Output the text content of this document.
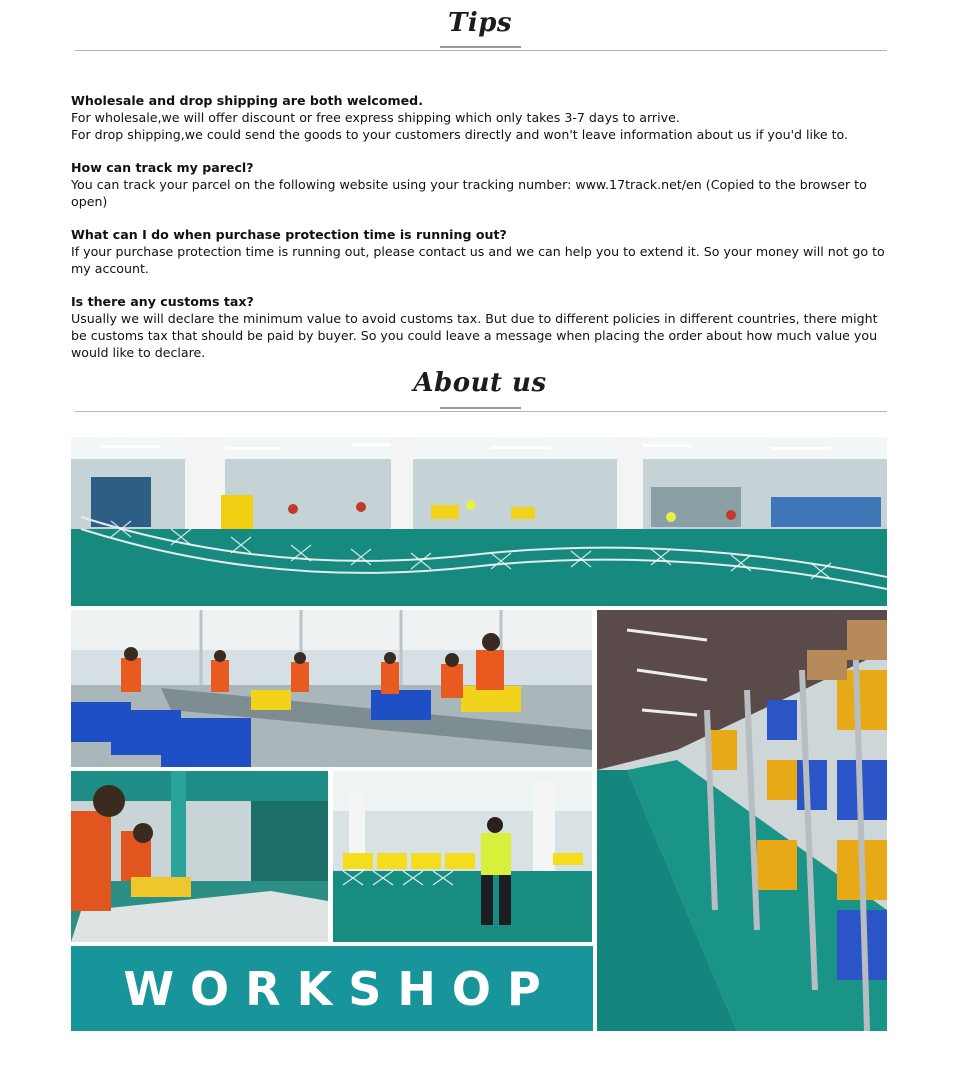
Tips
Wholesale and drop shipping are both welcomed.
For wholesale,we will offer discount or free express shipping which only takes 3-7 days to arrive.
For drop shipping,we could send the goods to your customers directly and won't leave information about us if you'd like to.
How can track my parecl?
You can track your parcel on the following website using your tracking number: www.17track.net/en (Copied to the browser to open)
What can I do when purchase protection time is running out?
If your purchase protection time is running out, please contact us and we can help you to extend it. So your money will not go to my account.
Is there any customs tax?
Usually we will declare the minimum value to avoid customs tax. But due to different policies in different countries, there might be customs tax that should be paid by buyer. So you could leave a message when placing the order about how much value you would like to declare.
About us
WORKSHOP
